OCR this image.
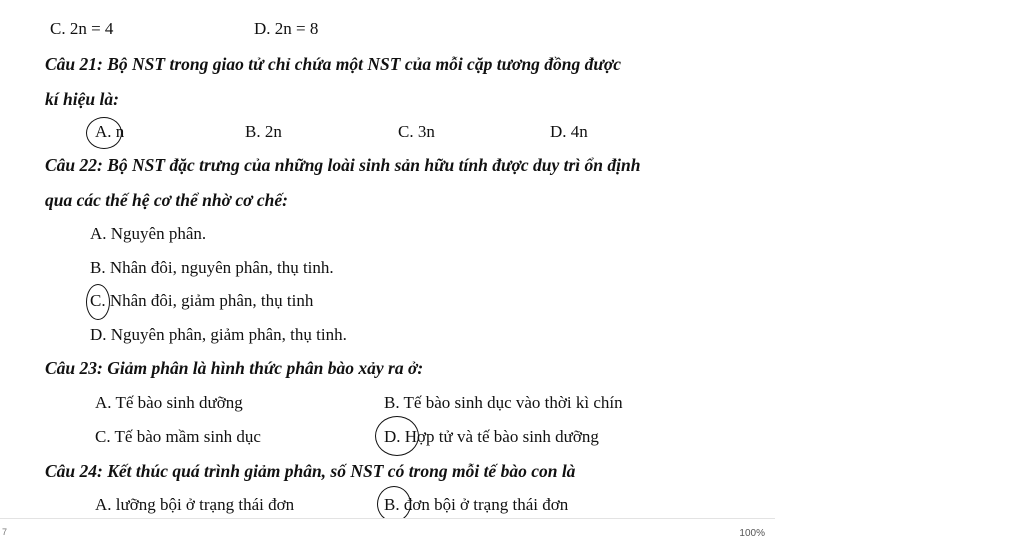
C. 2n = 4	D. 2n = 8
Câu 21: Bộ NST trong giao tử chỉ chứa một NST của mỗi cặp tương đồng được
kí hiệu là:
A. n	B. 2n	C. 3n	D. 4n
Câu 22: Bộ NST đặc trưng của những loài sinh sản hữu tính được duy trì ổn định
qua các thế hệ cơ thể nhờ cơ chế:
A. Nguyên phân.
B. Nhân đôi, nguyên phân, thụ tinh.
C. Nhân đôi, giảm phân, thụ tinh
D. Nguyên phân, giảm phân, thụ tinh.
Câu 23: Giảm phân là hình thức phân bào xảy ra ở:
A. Tế bào sinh dưỡng	B. Tế bào sinh dục vào thời kì chín
C. Tế bào mầm sinh dục	D. Hợp tử và tế bào sinh dưỡng
Câu 24: Kết thúc quá trình giảm phân, số NST có trong mỗi tế bào con là
A. lưỡng bội ở trạng thái đơn	B. đơn bội ở trạng thái đơn
7	100%
